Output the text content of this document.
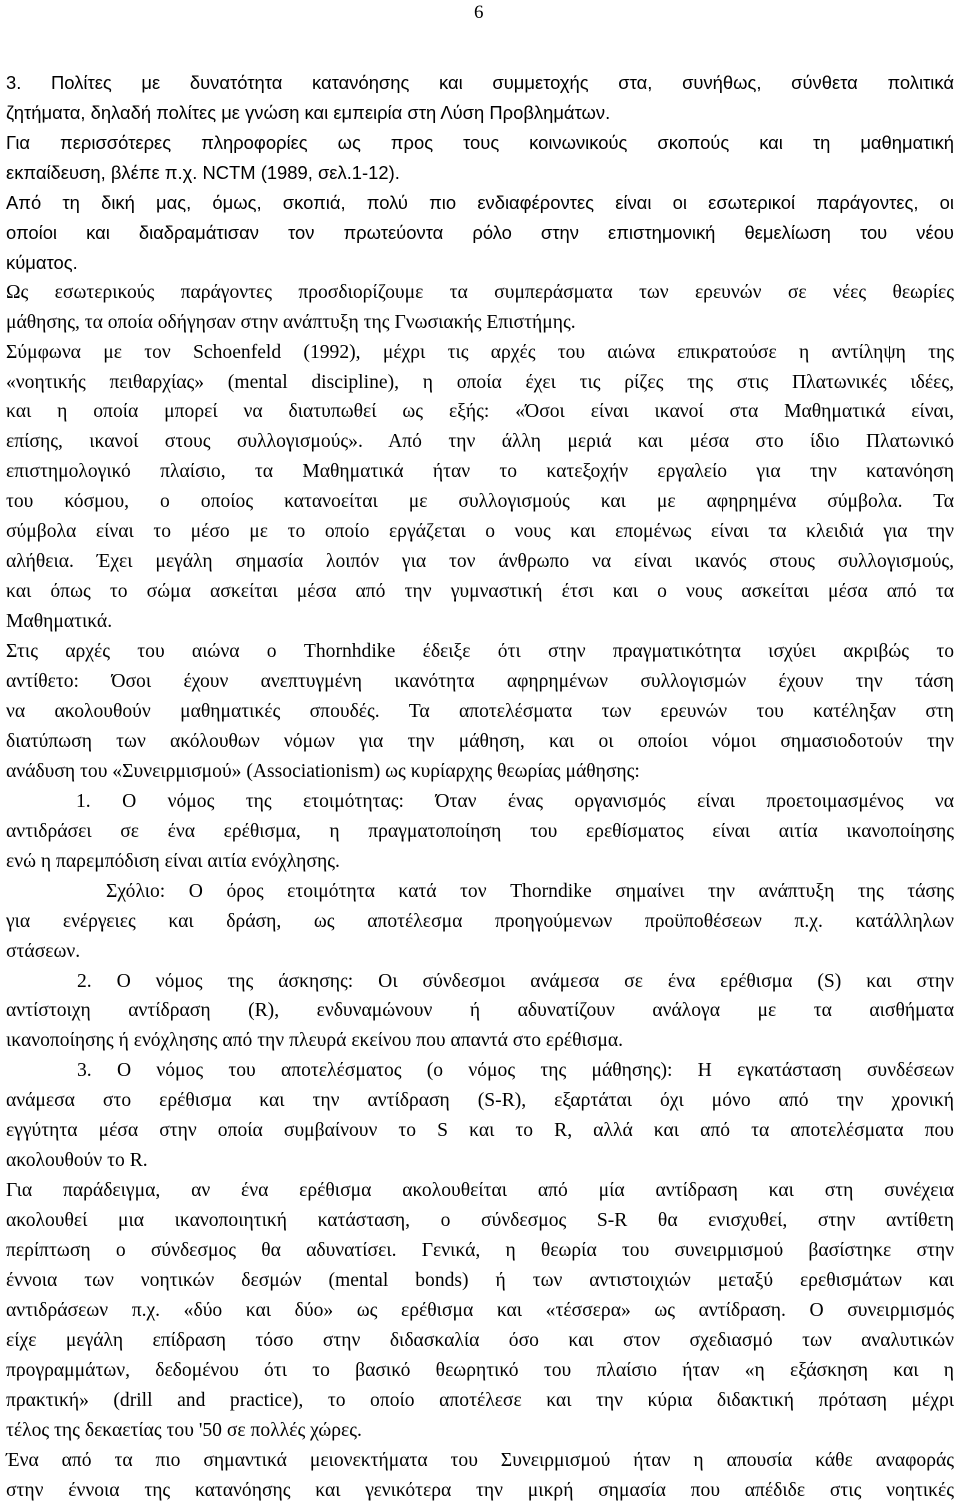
6
3. Πολίτες με δυνατότητα κατανόησης και συμμετοχής στα, συνήθως, σύνθετα πολιτικά
ζητήματα, δηλαδή πολίτες με γνώση και εμπειρία στη Λύση Προβλημάτων.
Για περισσότερες πληροφορίες ως προς τους κοινωνικούς σκοπούς και τη μαθηματική
εκπαίδευση, βλέπε π.χ. NCTM (1989, σελ.1-12).
Από τη δική μας, όμως, σκοπιά, πολύ πιο ενδιαφέροντες είναι οι εσωτερικοί παράγοντες, οι
οποίοι και διαδραμάτισαν τον πρωτεύοντα ρόλο στην επιστημονική θεμελίωση του νέου
κύματος.
Ως εσωτερικούς παράγοντες προσδιορίζουμε τα συμπεράσματα των ερευνών σε νέες θεωρίες
μάθησης, τα οποία οδήγησαν στην ανάπτυξη της Γνωσιακής Επιστήμης.
Σύμφωνα με τον Schoenfeld (1992), μέχρι τις αρχές του αιώνα επικρατούσε η αντίληψη της
«νοητικής πειθαρχίας» (mental discipline), η οποία έχει τις ρίζες της στις Πλατωνικές ιδέες,
και η οποία μπορεί να διατυπωθεί ως εξής: «Όσοι είναι ικανοί στα Μαθηματικά είναι,
επίσης, ικανοί στους συλλογισμούς». Από την άλλη μεριά και μέσα στο ίδιο Πλατωνικό
επιστημολογικό πλαίσιο, τα Μαθηματικά ήταν το κατεξοχήν εργαλείο για την κατανόηση
του κόσμου, ο οποίος κατανοείται με συλλογισμούς και με αφηρημένα σύμβολα. Τα
σύμβολα είναι το μέσο με το οποίο εργάζεται ο νους και επομένως είναι τα κλειδιά για την
αλήθεια. Έχει μεγάλη σημασία λοιπόν για τον άνθρωπο να είναι ικανός στους συλλογισμούς,
και όπως το σώμα ασκείται μέσα από την γυμναστική έτσι και ο νους ασκείται μέσα από τα
Μαθηματικά.
Στις αρχές του αιώνα ο Thornhdike έδειξε ότι στην πραγματικότητα ισχύει ακριβώς το
αντίθετο: Όσοι έχουν ανεπτυγμένη ικανότητα αφηρημένων συλλογισμών έχουν την τάση
να ακολουθούν μαθηματικές σπουδές. Τα αποτελέσματα των ερευνών του κατέληξαν στη
διατύπωση των ακόλουθων νόμων για την μάθηση, και οι οποίοι νόμοι σημασιοδοτούν την
ανάδυση του «Συνειρμισμού» (Associationism) ως κυρίαρχης θεωρίας μάθησης:
1. Ο νόμος της ετοιμότητας: Όταν ένας οργανισμός είναι προετοιμασμένος να
αντιδράσει σε ένα ερέθισμα, η πραγματοποίηση του ερεθίσματος είναι αιτία ικανοποίησης
ενώ η παρεμπόδιση είναι αιτία ενόχλησης.
Σχόλιο: Ο όρος ετοιμότητα κατά τον Thorndike σημαίνει την ανάπτυξη της τάσης
για ενέργειες και δράση, ως αποτέλεσμα προηγούμενων προϋποθέσεων π.χ. κατάλληλων
στάσεων.
2. Ο νόμος της άσκησης: Οι σύνδεσμοι ανάμεσα σε ένα ερέθισμα (S) και στην
αντίστοιχη αντίδραση (R), ενδυναμώνουν ή αδυνατίζουν ανάλογα με τα αισθήματα
ικανοποίησης ή ενόχλησης από την πλευρά εκείνου που απαντά στο ερέθισμα.
3. Ο νόμος του αποτελέσματος (ο νόμος της μάθησης): Η εγκατάσταση συνδέσεων
ανάμεσα στο ερέθισμα και την αντίδραση (S-R), εξαρτάται όχι μόνο από την χρονική
εγγύτητα μέσα στην οποία συμβαίνουν το S και το R, αλλά και από τα αποτελέσματα που
ακολουθούν το R.
Για παράδειγμα, αν ένα ερέθισμα ακολουθείται από μία αντίδραση και στη συνέχεια
ακολουθεί μια ικανοποιητική κατάσταση, ο σύνδεσμος S-R θα ενισχυθεί, στην αντίθετη
περίπτωση ο σύνδεσμος θα αδυνατίσει. Γενικά, η θεωρία του συνειρμισμού βασίστηκε στην
έννοια των νοητικών δεσμών (mental bonds) ή των αντιστοιχιών μεταξύ ερεθισμάτων και
αντιδράσεων π.χ. «δύο και δύο» ως ερέθισμα και «τέσσερα» ως αντίδραση. Ο συνειρμισμός
είχε μεγάλη επίδραση τόσο στην διδασκαλία όσο και στον σχεδιασμό των αναλυτικών
προγραμμάτων, δεδομένου ότι το βασικό θεωρητικό του πλαίσιο ήταν «η εξάσκηση και η
πρακτική» (drill and practice), το οποίο αποτέλεσε και την κύρια διδακτική πρόταση μέχρι
τέλος της δεκαετίας του '50 σε πολλές χώρες.
Ένα από τα πιο σημαντικά μειονεκτήματα του Συνειρμισμού ήταν η απουσία κάθε αναφοράς
στην έννοια της κατανόησης και γενικότερα την μικρή σημασία που απέδιδε στις νοητικές
